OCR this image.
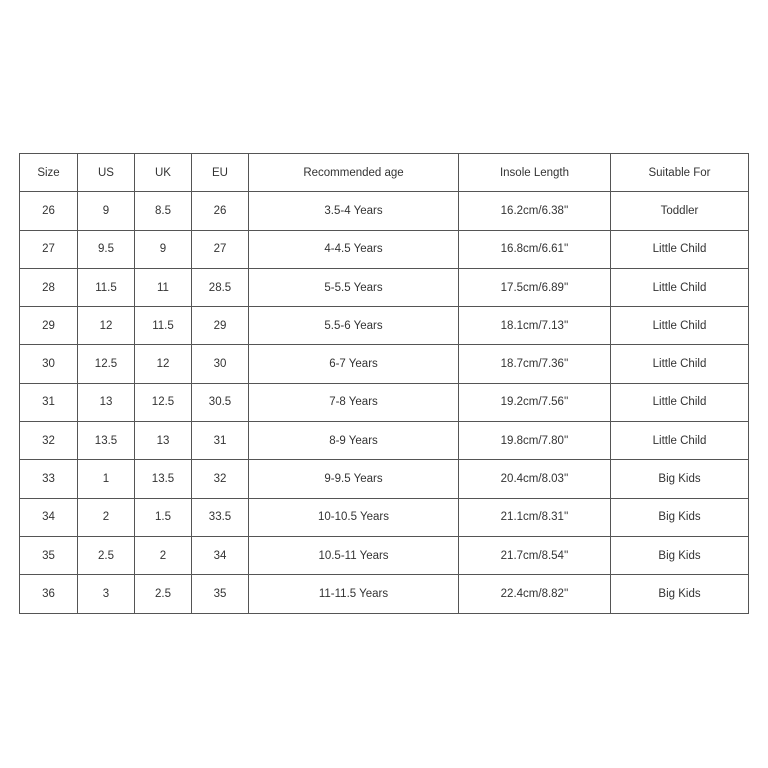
Size	US	UK	EU	Recommended age	Insole Length	Suitable For
26	9	8.5	26	3.5-4 Years	16.2cm/6.38''	Toddler
27	9.5	9	27	4-4.5 Years	16.8cm/6.61''	Little Child
28	11.5	11	28.5	5-5.5 Years	17.5cm/6.89''	Little Child
29	12	11.5	29	5.5-6 Years	18.1cm/7.13''	Little Child
30	12.5	12	30	6-7 Years	18.7cm/7.36''	Little Child
31	13	12.5	30.5	7-8 Years	19.2cm/7.56''	Little Child
32	13.5	13	31	8-9 Years	19.8cm/7.80''	Little Child
33	1	13.5	32	9-9.5 Years	20.4cm/8.03''	Big Kids
34	2	1.5	33.5	10-10.5 Years	21.1cm/8.31''	Big Kids
35	2.5	2	34	10.5-11 Years	21.7cm/8.54''	Big Kids
36	3	2.5	35	11-11.5 Years	22.4cm/8.82''	Big Kids
